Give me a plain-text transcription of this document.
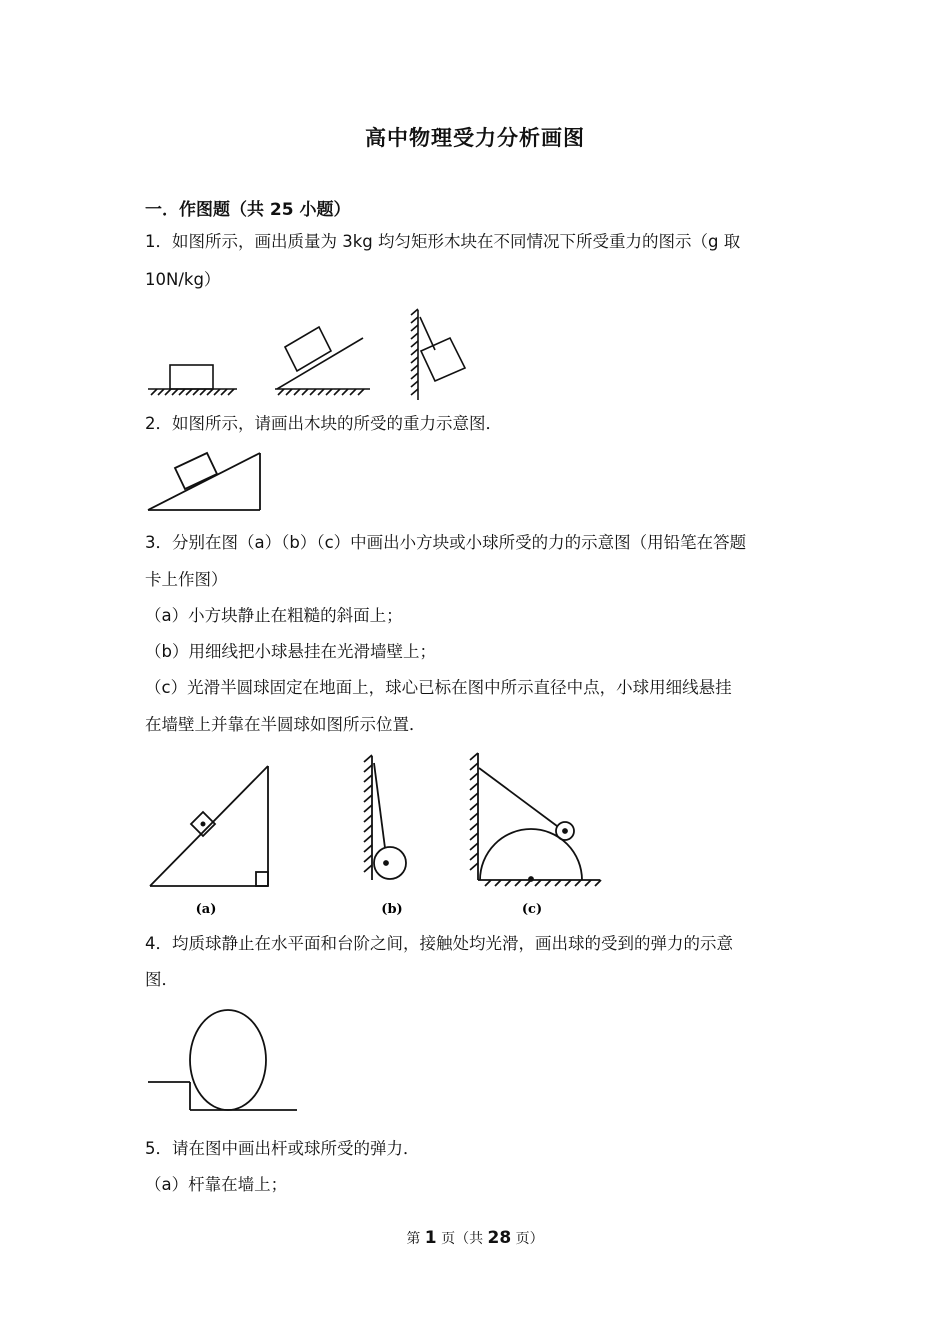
高中物理受力分析画图
一．作图题（共 25 小题）
1．如图所示，画出质量为 3kg 均匀矩形木块在不同情况下所受重力的图示（g 取
10N/kg）
2．如图所示，请画出木块的所受的重力示意图．
3．分别在图（a）（b）（c）中画出小方块或小球所受的力的示意图（用铅笔在答题
卡上作图）
（a）小方块静止在粗糙的斜面上；
（b）用细线把小球悬挂在光滑墙壁上；
（c）光滑半圆球固定在地面上，球心已标在图中所示直径中点，小球用细线悬挂
在墙壁上并靠在半圆球如图所示位置．
(a)	(b)	(c)
4．均质球静止在水平面和台阶之间，接触处均光滑，画出球的受到的弹力的示意
图．
5．请在图中画出杆或球所受的弹力．
（a）杆靠在墙上；
第 1 页（共 28 页）
